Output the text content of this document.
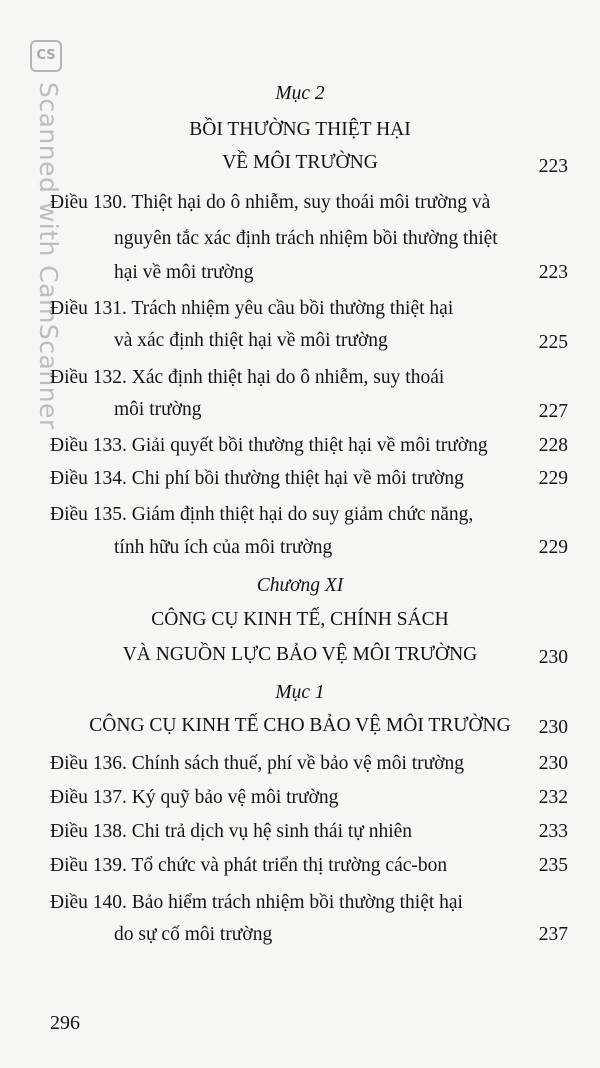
CS
Scanned with CamScanner	Mục 2
BỒI THƯỜNG THIỆT HẠI
VỀ MÔI TRƯỜNG	223
Điều 130. Thiệt hại do ô nhiễm, suy thoái môi trường và
nguyên tắc xác định trách nhiệm bồi thường thiệt
hại về môi trường	223
Điều 131. Trách nhiệm yêu cầu bồi thường thiệt hại
và xác định thiệt hại về môi trường	225
Điều 132. Xác định thiệt hại do ô nhiễm, suy thoái
môi trường	227
Điều 133. Giải quyết bồi thường thiệt hại về môi trường	228
Điều 134. Chi phí bồi thường thiệt hại về môi trường	229
Điều 135. Giám định thiệt hại do suy giảm chức năng,
tính hữu ích của môi trường	229
Chương XI
CÔNG CỤ KINH TẾ, CHÍNH SÁCH
VÀ NGUỒN LỰC BẢO VỆ MÔI TRƯỜNG	230
Mục 1
CÔNG CỤ KINH TẾ CHO BẢO VỆ MÔI TRƯỜNG	230
Điều 136. Chính sách thuế, phí về bảo vệ môi trường	230
Điều 137. Ký quỹ bảo vệ môi trường	232
Điều 138. Chi trả dịch vụ hệ sinh thái tự nhiên	233
Điều 139. Tổ chức và phát triển thị trường các-bon	235
Điều 140. Bảo hiểm trách nhiệm bồi thường thiệt hại
do sự cố môi trường	237
296
